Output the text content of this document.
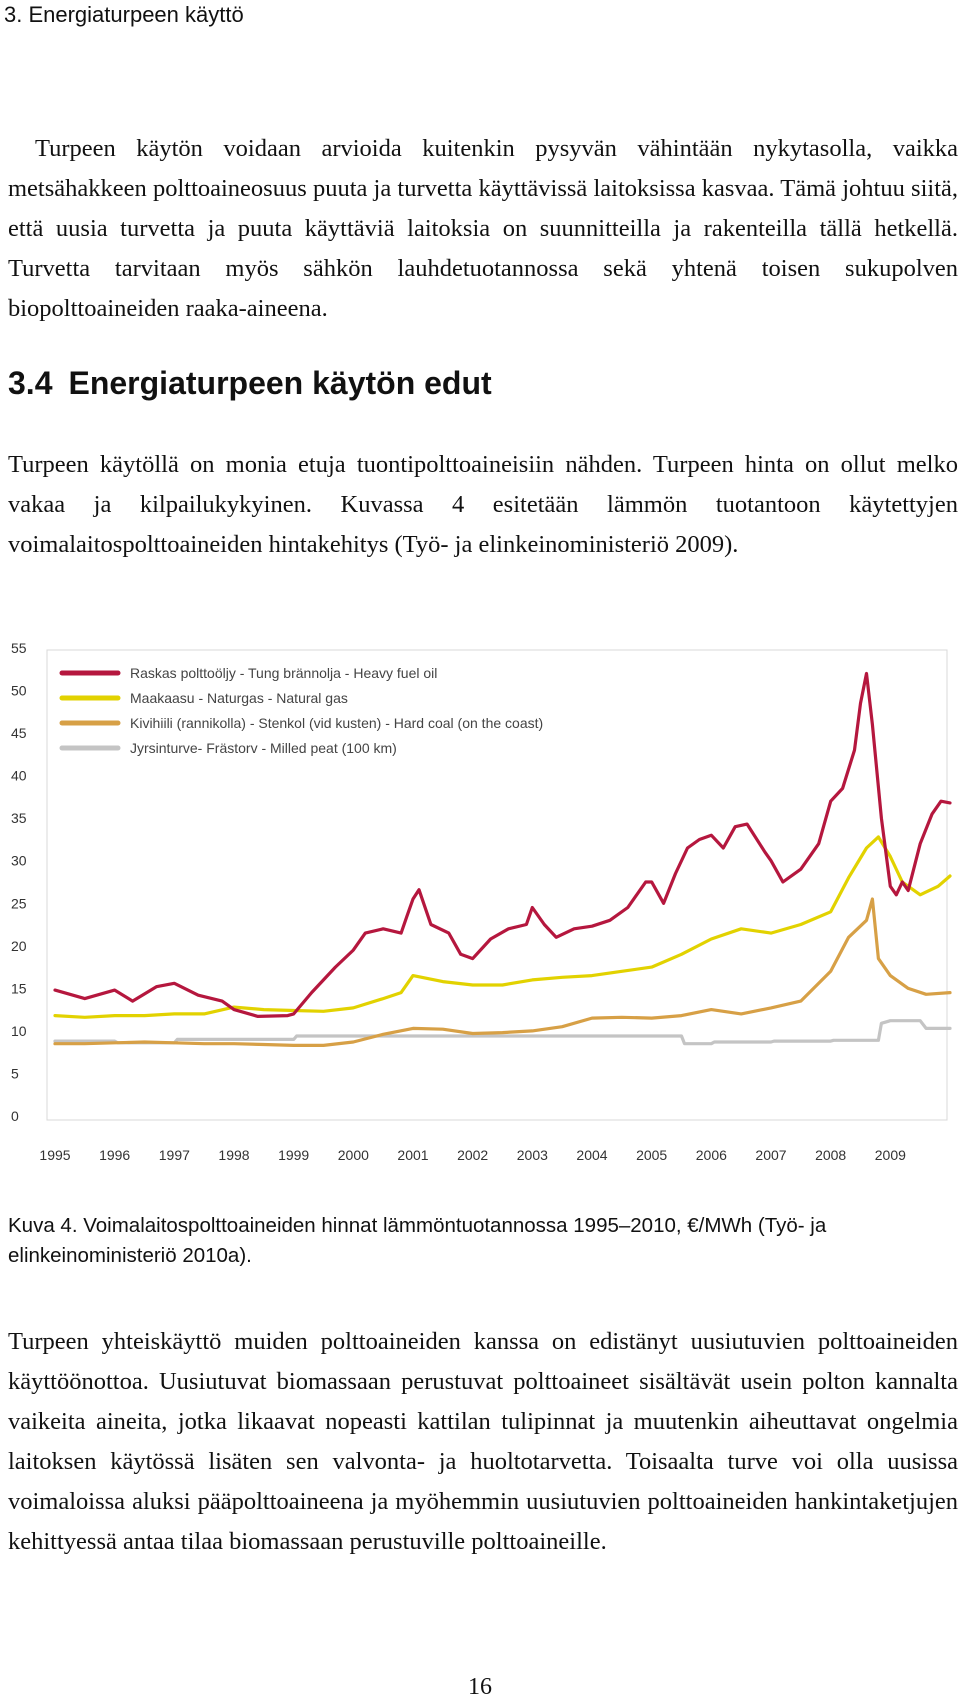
3. Energiaturpeen käyttö

Turpeen käytön voidaan arvioida kuitenkin pysyvän vähintään nykytasolla, vaikka metsähakkeen polttoaineosuus puuta ja turvetta käyttävissä laitoksissa kasvaa. Tämä johtuu siitä, että uusia turvetta ja puuta käyttäviä laitoksia on suunnitteilla ja rakenteilla tällä hetkellä. Turvetta tarvitaan myös sähkön lauhdetuotannossa sekä yhtenä toisen sukupolven biopolttoaineiden raaka-aineena.

3.4 Energiaturpeen käytön edut

Turpeen käytöllä on monia etuja tuontipolttoaineisiin nähden. Turpeen hinta on ollut melko vakaa ja kilpailukykyinen. Kuvassa 4 esitetään lämmön tuotantoon käytettyjen voimalaitospolttoaineiden hintakehitys (Työ- ja elinkeinoministeriö 2009).

0
5
10
15
20
25
30
35
40
45
50
55
1995 1996 1997 1998 1999 2000 2001 2002 2003 2004 2005 2006 2007 2008 2009
Raskas polttoöljy - Tung brännolja - Heavy fuel oil
Maakaasu - Naturgas - Natural gas
Kivihiili (rannikolla) - Stenkol (vid kusten) - Hard coal (on the coast)
Jyrsinturve- Frästorv - Milled peat (100 km)

Kuva 4. Voimalaitospolttoaineiden hinnat lämmöntuotannossa 1995–2010, €/MWh (Työ- ja elinkeinoministeriö 2010a).

Turpeen yhteiskäyttö muiden polttoaineiden kanssa on edistänyt uusiutuvien polttoaineiden käyttöönottoa. Uusiutuvat biomassaan perustuvat polttoaineet sisältävät usein polton kannalta vaikeita aineita, jotka likaavat nopeasti kattilan tulipinnat ja muutenkin aiheuttavat ongelmia laitoksen käytössä lisäten sen valvonta- ja huoltotarvetta. Toisaalta turve voi olla uusissa voimaloissa aluksi pääpolttoaineena ja myöhemmin uusiutuvien polttoaineiden hankintaketjujen kehittyessä antaa tilaa biomassaan perustuville polttoaineille.

16
